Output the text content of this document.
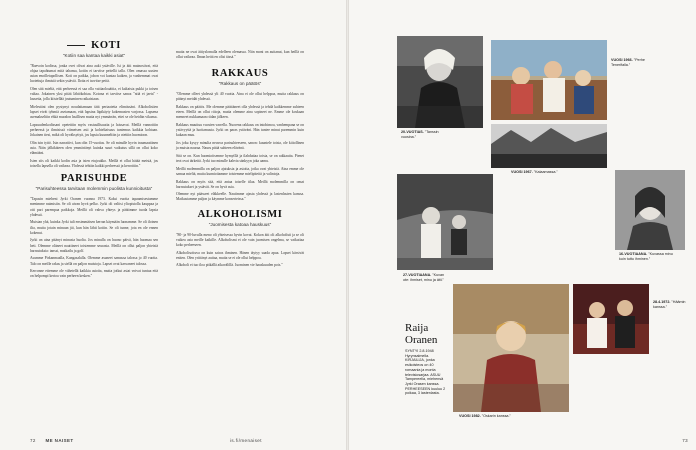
KOTI

"Kotiin saa kantaa kaikki asiat"

"Raevoin kodissa, jonka ovet olivat aina auki ystäville. Isi ja äiti mainostivat, että ohjaa tapahtumat mitä tahansa, kotiin ei tarvitse peitellä talla. Olen omassa uusien asian enoilletapollisen. Koti on paikka, johon voi kantaa kaiken, ja vanhemmat ovat luotettuja ihmisiä sekin ystäviä. Ilotta ei tarvitse peitä.

Olen sitä mieltä, että perheessä ei saa olla vaitiaoloaättia, ei kaltaista pukki ja toisen valtaa. Jokainen yksi pitää lähtökohtaa. Kotona ei tarvitse sanoa "niiä ei jaeta" -lausetta, jolla kiistellää joutuminen ratkaistaan.

Mielestäni olen pystynyt noudattamaan tätä periaatetta elimässäni. Alkoholistien lapset eivät tyhmiä asetamaan, että lapsina läpikäyty kokemusten varjossa. Lapsena asemakseltiin ehkä muodon lasillisen mutta nyt ymmärrän, ettei se ole heidän vikansa.

Lapsuudenkodissani opetettiin myös vastuullisuutta ja laissavat. Meillä vannottiin perheessä ja ihmisissä viimeisen asti ja kohteliaisuus tuntemus kaikkia kohtaan. Jokainen tiesi, mikä oli hyväksyttyä, jos lapsia kuunneltiin ja otettiin huomioon.

Olin isin tyttö. Isin narratiivi, kun olin 15-vuotias. Se oli minulle hyvin traumaattinen asia. Näin jälkikäteen olen ymmärtänyt kuinka suuri vaikutus sillä on ollut koko elämääni.

Isien siis oli kaikki kodin asia ja isien etujoukko. Meillä ei ollut hätää meistä, jos toisella lapsella oli vaikeaa. Yhdessä tehtiin kaikki perheessä ja kerrottiin."

PARISUHDE

"Parisuhteessa tarvitaan molemmin puolista kunnioitusta"

"Tapasin mieheni Jyrki Oranen vuonna 1973. Kaksi vuotta tapaamisestamme menimme naimisiin. Se oli aivan hyvä pelko. Jyrki oli valitsi yliopistolla kauppaa ja otti pari parempaa paikkoja. Meillä oli vahva yhteys ja päätimme tuoda lapsia yhdessä.

Muistan yhä, kuinka Jyrki tuli ensimmäisen kerran käymään luonamme. Se oli iloinen ilta, mutta jotain minuun jäi, kun hän lähti kotiin. Se oli tunne, jota en ole ennen kokenut.

Jyrki on aina pitänyt minusta huolta. Jos minulla on huono päivä, hän huomaa sen heti. Olemme oläneet nauttineet toistemme seurasta. Meillä on ollut paljon yhteisiä harrastuksia: tanssi, matkailu ja golf.

Asumme Pirkanmaalla, Kangasalalla. Olemme asuneet samassa talossa jo 40 vuotta. Talo on meille rakas ja siellä on paljon muistoja. Lapset ovat kasvaneet talossa.

Kerronne ettemme ole vähetellä kaikkia asioita, mutta jotkut asiat voivat tuntua että on helpompi kertoa vain perheen kesken."

mutta ne ovat äitiyslomalla edelleen olemassa. Niin moni on auttanut, kun heillä on ollut vaikeaa. Ilman heitä en olisi tässä."

RAKKAUS

"Rakkaus on päätös"

"Olemme olleet yhdessä yli 40 vuotta. Aina ei ole ollut helppoa, mutta rakkaus on pitänyt meidät yhdessä.

Rakkaus on päätös. Me olemme päättäneet olla yhdessä ja tehdä kaikkemme suhteen eteen. Meillä on ollut riitoja, mutta olemme aina sopineet ne. Emme ole koskaan menneet nukkumaan riidan jälkeen.

Rakkaus muuttuu vuosien varrella. Nuorena rakkaus on intohimoa, vanhempana se on ystävyyttä ja luottamusta. Jyrki on paras ystäväni. Hän tuntee minut paremmin kuin kukaan muu.

Jos joku kysyy minulta neuvoa parisuhteeseen, sanon: kuuntele toista, ole kiitollinen ja muista nauraa. Nauru pitää suhteen elävänä.

Sitä se on. Kun huomioitsenme hymyillä ja ilahduttaa toista, se on rakkautta. Pienet teot ovat tärkeitä. Jyrki tuo minulle kahvia sänkyyn joka aamu.

Meillä molemmilla on paljon ajatuksia ja asioita, jotka ovat yhteisiä. Aina emme ole samaa mieltä, mutta kunnioitamme toistemme mielipiteitä ja valintoja.

Rakkaus on myös sitä, että antaa toiselle tilaa. Meillä molemmilla on omat harrastukset ja ystävät. Se on hyvä asia.

Olemme nyt päässeet eläkkeelle. Nautimme ajasta yhdessä ja lastenlasten kanssa. Matkustamme paljon ja käymme konserteissa."

ALKOHOLISMI

"Juomisesta katoaa hauskuus"

"80- ja 90-luvulla meno oli yhteisessa hyvin kovat. Kokon äiti oli alkoholisti ja se oli vaikea asia meille kaikille. Alkoholismi ei ole vain juomisen ongelma, se vaikuttaa koko perheeseen.

Alkoholisoituva on kuin sairas ihminen. Hänen täytyy saada apua. Lapset kärsivät eniten. Olen yrittänyt auttaa, mutta se ei ole ollut helppoa.

Alkoholi ei tuo iloa pitkällä aikavälillä. Juominen vie hauskuuden pois."

72 ME NAISET	is.fi/menaiset
20-VUOTIAS. "Tanssin vuosina."
VUOSI 1966. "Perhe Tenerifalla."
VUOSI 1967. "Kalaamassa."
16-VUOTIAANA. "Kuvassa minu kuin tuttu ihminen."
27-VUOTIAANA. "Kuvan ote: ihmiset, minu ja äiti."
Raija
Oranen
SYNTYI 2.8.1948 Hyrynsalmella. KIRJAILIJA, jonka esikoisteos on 40 romaania ja monta televisiosarjaa. ASUU Tampereella, miehensä Jyrki Orasen kanssa. PERHEESEEN kuuluu 2 poikaa, 3 lastenlasta.
VUOSI 1982. "Oskarin kanssa."
28.4.1972. "Häämin kanssa."
73
